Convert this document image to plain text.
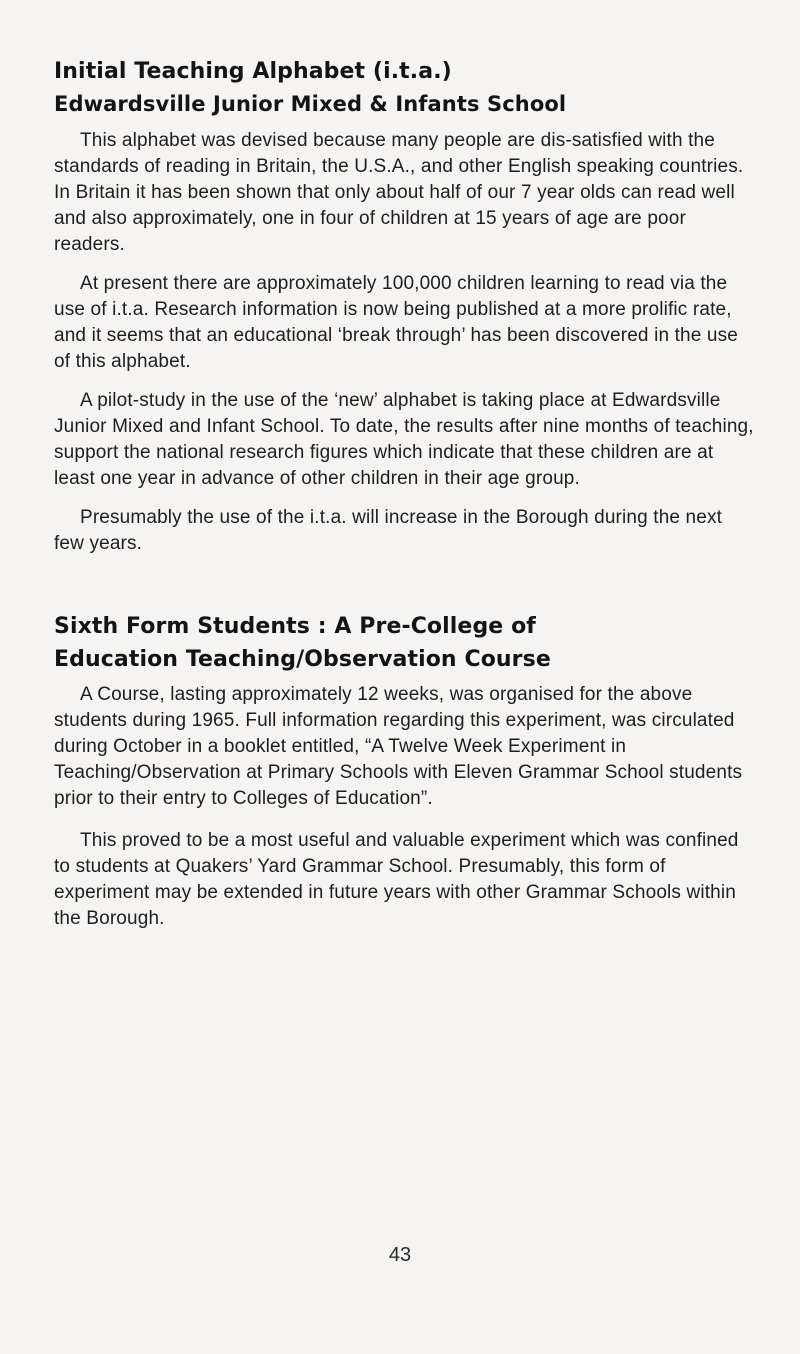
Initial Teaching Alphabet (i.t.a.)
Edwardsville Junior Mixed & Infants School

This alphabet was devised because many people are dis-satisfied with the standards of reading in Britain, the U.S.A., and other English speaking countries. In Britain it has been shown that only about half of our 7 year olds can read well and also approximately, one in four of children at 15 years of age are poor readers.

At present there are approximately 100,000 children learning to read via the use of i.t.a. Research information is now being published at a more prolific rate, and it seems that an educational ‘break through’ has been discovered in the use of this alphabet.

A pilot-study in the use of the ‘new’ alphabet is taking place at Edwardsville Junior Mixed and Infant School. To date, the results after nine months of teaching, support the national research figures which indicate that these children are at least one year in advance of other children in their age group.

Presumably the use of the i.t.a. will increase in the Borough during the next few years.

Sixth Form Students : A Pre-College of
Education Teaching/Observation Course

A Course, lasting approximately 12 weeks, was organised for the above students during 1965. Full information regarding this experiment, was circulated during October in a booklet entitled, “A Twelve Week Experiment in Teaching/Observation at Primary Schools with Eleven Grammar School students prior to their entry to Colleges of Education”.

This proved to be a most useful and valuable experiment which was confined to students at Quakers’ Yard Grammar School. Presumably, this form of experiment may be extended in future years with other Grammar Schools within the Borough.

43
